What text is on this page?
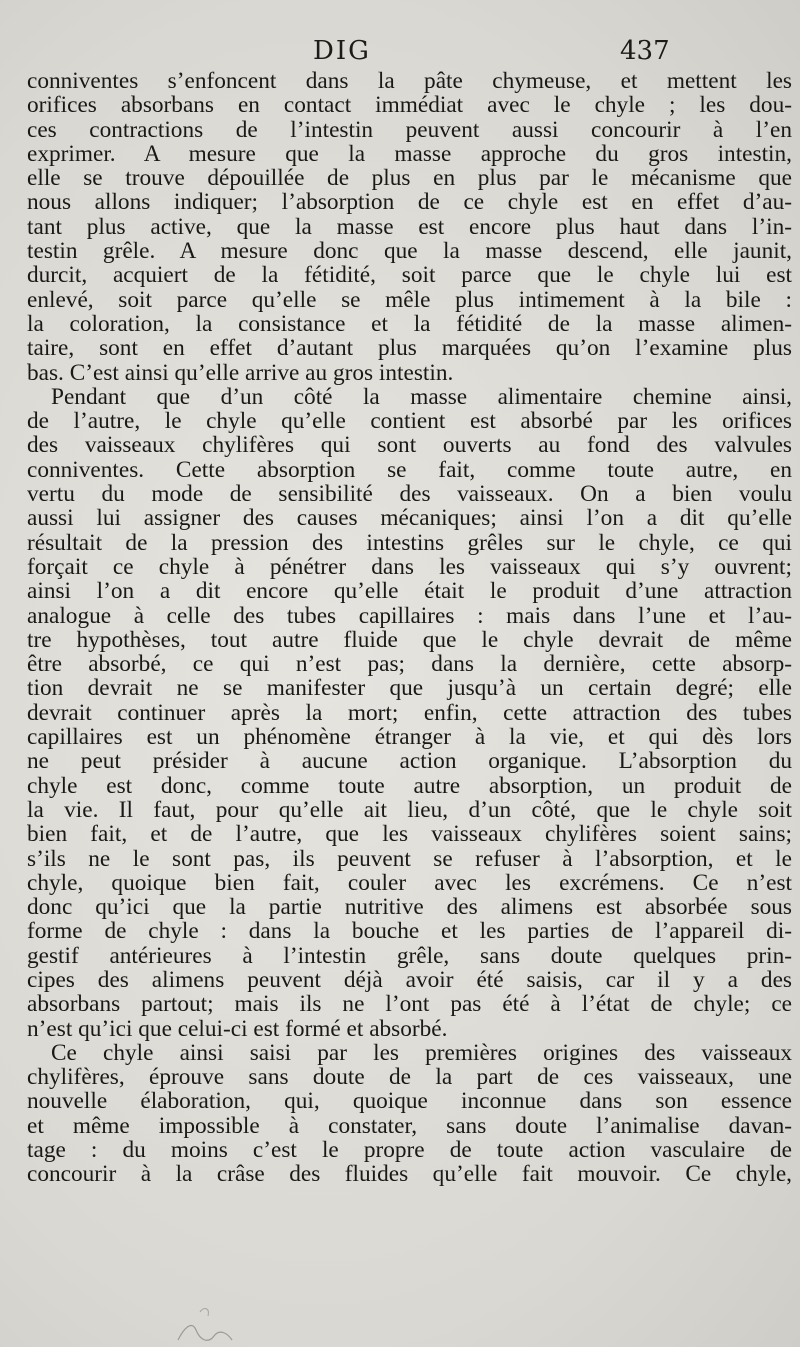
DIG	437
conniventes s’enfoncent dans la pâte chymeuse, et mettent les
orifices absorbans en contact immédiat avec le chyle ; les dou-
ces contractions de l’intestin peuvent aussi concourir à l’en
exprimer. A mesure que la masse approche du gros intestin,
elle se trouve dépouillée de plus en plus par le mécanisme que
nous allons indiquer; l’absorption de ce chyle est en effet d’au-
tant plus active, que la masse est encore plus haut dans l’in-
testin grêle. A mesure donc que la masse descend, elle jaunit,
durcit, acquiert de la fétidité, soit parce que le chyle lui est
enlevé, soit parce qu’elle se mêle plus intimement à la bile :
la coloration, la consistance et la fétidité de la masse alimen-
taire, sont en effet d’autant plus marquées qu’on l’examine plus
bas. C’est ainsi qu’elle arrive au gros intestin.
Pendant que d’un côté la masse alimentaire chemine ainsi,
de l’autre, le chyle qu’elle contient est absorbé par les orifices
des vaisseaux chylifères qui sont ouverts au fond des valvules
conniventes. Cette absorption se fait, comme toute autre, en
vertu du mode de sensibilité des vaisseaux. On a bien voulu
aussi lui assigner des causes mécaniques; ainsi l’on a dit qu’elle
résultait de la pression des intestins grêles sur le chyle, ce qui
forçait ce chyle à pénétrer dans les vaisseaux qui s’y ouvrent;
ainsi l’on a dit encore qu’elle était le produit d’une attraction
analogue à celle des tubes capillaires : mais dans l’une et l’au-
tre hypothèses, tout autre fluide que le chyle devrait de même
être absorbé, ce qui n’est pas; dans la dernière, cette absorp-
tion devrait ne se manifester que jusqu’à un certain degré; elle
devrait continuer après la mort; enfin, cette attraction des tubes
capillaires est un phénomène étranger à la vie, et qui dès lors
ne peut présider à aucune action organique. L’absorption du
chyle est donc, comme toute autre absorption, un produit de
la vie. Il faut, pour qu’elle ait lieu, d’un côté, que le chyle soit
bien fait, et de l’autre, que les vaisseaux chylifères soient sains;
s’ils ne le sont pas, ils peuvent se refuser à l’absorption, et le
chyle, quoique bien fait, couler avec les excrémens. Ce n’est
donc qu’ici que la partie nutritive des alimens est absorbée sous
forme de chyle : dans la bouche et les parties de l’appareil di-
gestif antérieures à l’intestin grêle, sans doute quelques prin-
cipes des alimens peuvent déjà avoir été saisis, car il y a des
absorbans partout; mais ils ne l’ont pas été à l’état de chyle; ce
n’est qu’ici que celui-ci est formé et absorbé.
Ce chyle ainsi saisi par les premières origines des vaisseaux
chylifères, éprouve sans doute de la part de ces vaisseaux, une
nouvelle élaboration, qui, quoique inconnue dans son essence
et même impossible à constater, sans doute l’animalise davan-
tage : du moins c’est le propre de toute action vasculaire de
concourir à la crâse des fluides qu’elle fait mouvoir. Ce chyle,
